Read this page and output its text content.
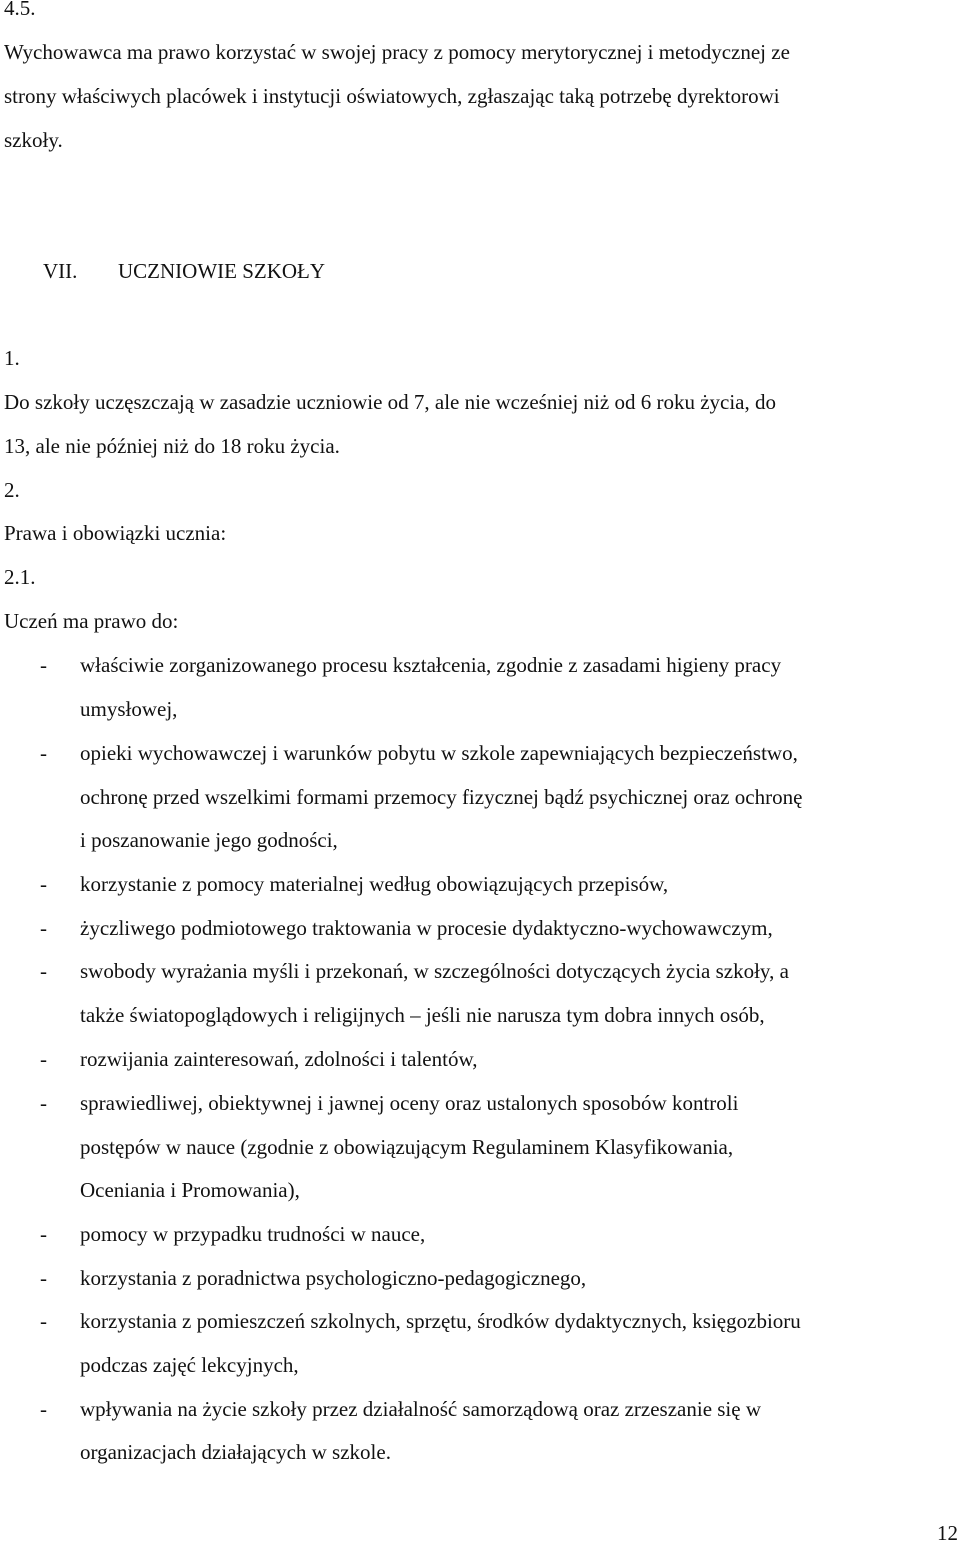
4.5.
Wychowawca ma prawo korzystać w swojej pracy z pomocy merytorycznej i metodycznej ze
strony właściwych placówek i instytucji oświatowych, zgłaszając taką potrzebę dyrektorowi
szkoły.
VII. UCZNIOWIE SZKOŁY
1.
Do szkoły uczęszczają w zasadzie uczniowie od 7, ale nie wcześniej niż od 6 roku życia, do
13, ale nie później niż do 18 roku życia.
2.
Prawa i obowiązki ucznia:
2.1.
Uczeń ma prawo do:
- właściwie zorganizowanego procesu kształcenia, zgodnie z zasadami higieny pracy
umysłowej,
- opieki wychowawczej i warunków pobytu w szkole zapewniających bezpieczeństwo,
ochronę przed wszelkimi formami przemocy fizycznej bądź psychicznej oraz ochronę
i poszanowanie jego godności,
- korzystanie z pomocy materialnej według obowiązujących przepisów,
- życzliwego podmiotowego traktowania w procesie dydaktyczno-wychowawczym,
- swobody wyrażania myśli i przekonań, w szczególności dotyczących życia szkoły, a
także światopoglądowych i religijnych – jeśli nie narusza tym dobra innych osób,
- rozwijania zainteresowań, zdolności i talentów,
- sprawiedliwej, obiektywnej i jawnej oceny oraz ustalonych sposobów kontroli
postępów w nauce (zgodnie z obowiązującym Regulaminem Klasyfikowania,
Oceniania i Promowania),
- pomocy w przypadku trudności w nauce,
- korzystania z poradnictwa psychologiczno-pedagogicznego,
- korzystania z pomieszczeń szkolnych, sprzętu, środków dydaktycznych, księgozbioru
podczas zajęć lekcyjnych,
- wpływania na życie szkoły przez działalność samorządową oraz zrzeszanie się w
organizacjach działających w szkole.
12
